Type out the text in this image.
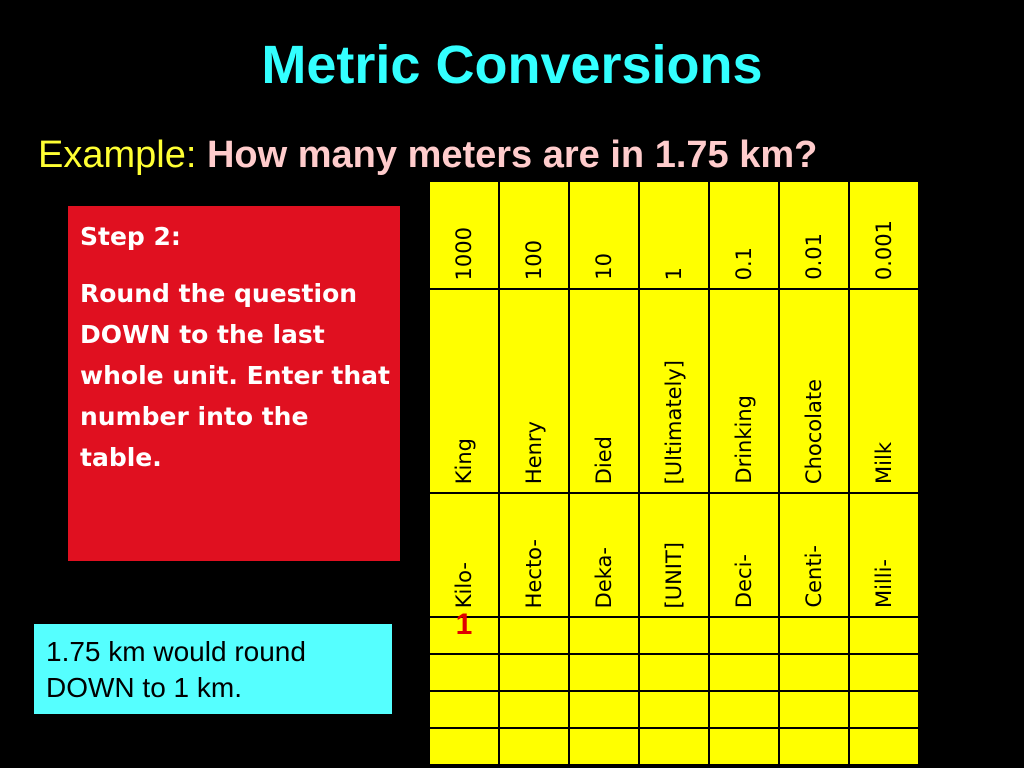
Metric Conversions
Example: How many meters are in 1.75 km?

Step 2:

Round the question DOWN to the last whole unit. Enter that number into the table.

1.75 km would round DOWN to 1 km.
1000	100	10	1	0.1	0.01	0.001

King	Henry	Died	[Ultimately]	Drinking	Chocolate	Milk

Kilo-	Hecto-	Deka-	[UNIT]	Deci-	Centi-	Milli-

1						
